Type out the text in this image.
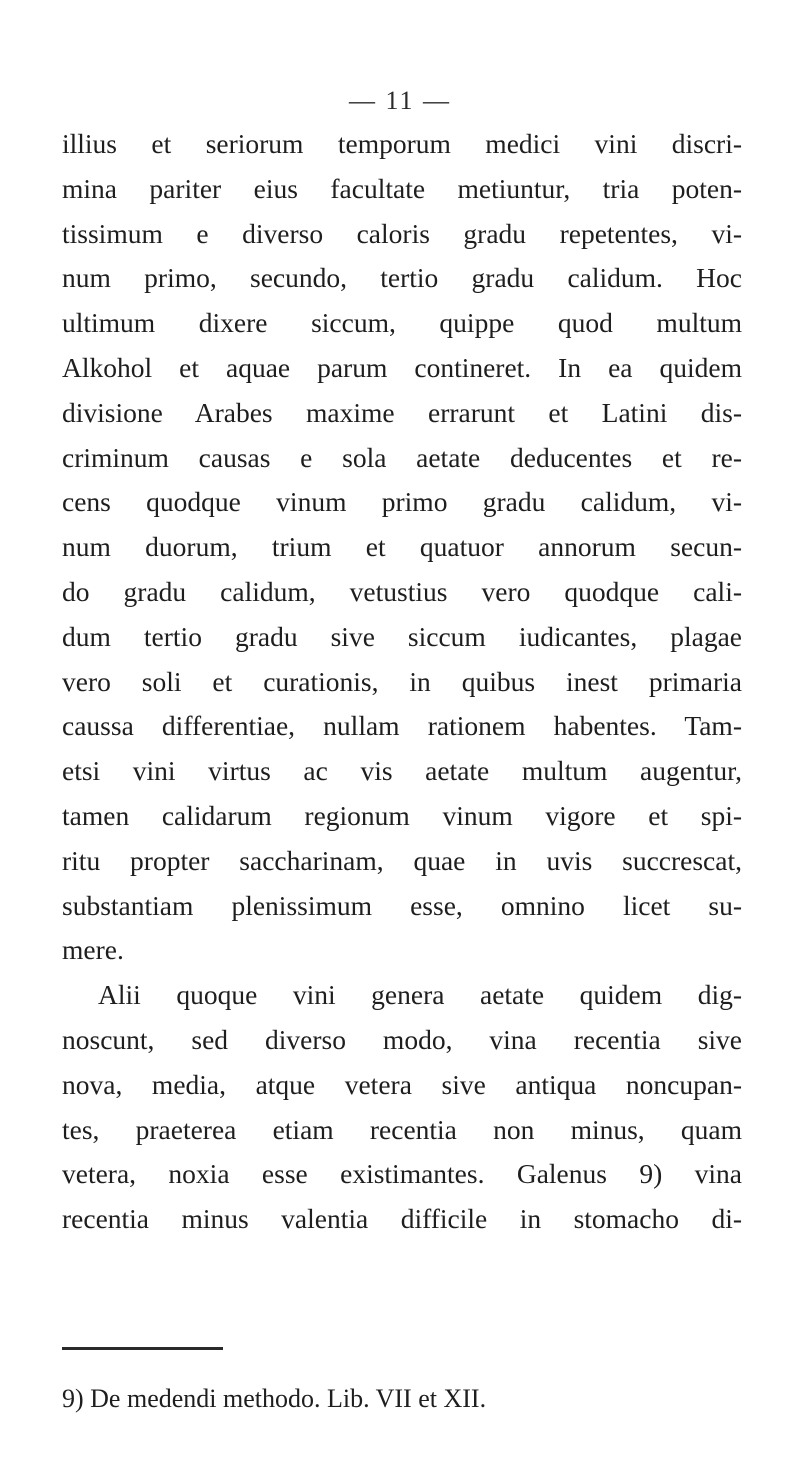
— 11 —
illius et seriorum temporum medici vini discri-
mina pariter eius facultate metiuntur, tria poten-
tissimum e diverso caloris gradu repetentes, vi-
num primo, secundo, tertio gradu calidum. Hoc
ultimum dixere siccum, quippe quod multum
Alkohol et aquae parum contineret. In ea quidem
divisione Arabes maxime errarunt et Latini dis-
criminum causas e sola aetate deducentes et re-
cens quodque vinum primo gradu calidum, vi-
num duorum, trium et quatuor annorum secun-
do gradu calidum, vetustius vero quodque cali-
dum tertio gradu sive siccum iudicantes, plagae
vero soli et curationis, in quibus inest primaria
caussa differentiae, nullam rationem habentes. Tam-
etsi vini virtus ac vis aetate multum augentur,
tamen calidarum regionum vinum vigore et spi-
ritu propter saccharinam, quae in uvis succrescat,
substantiam plenissimum esse, omnino licet su-
mere.
Alii quoque vini genera aetate quidem dig-
noscunt, sed diverso modo, vina recentia sive
nova, media, atque vetera sive antiqua noncupan-
tes, praeterea etiam recentia non minus, quam
vetera, noxia esse existimantes. Galenus 9) vina
recentia minus valentia difficile in stomacho di-
9) De medendi methodo. Lib. VII et XII.
